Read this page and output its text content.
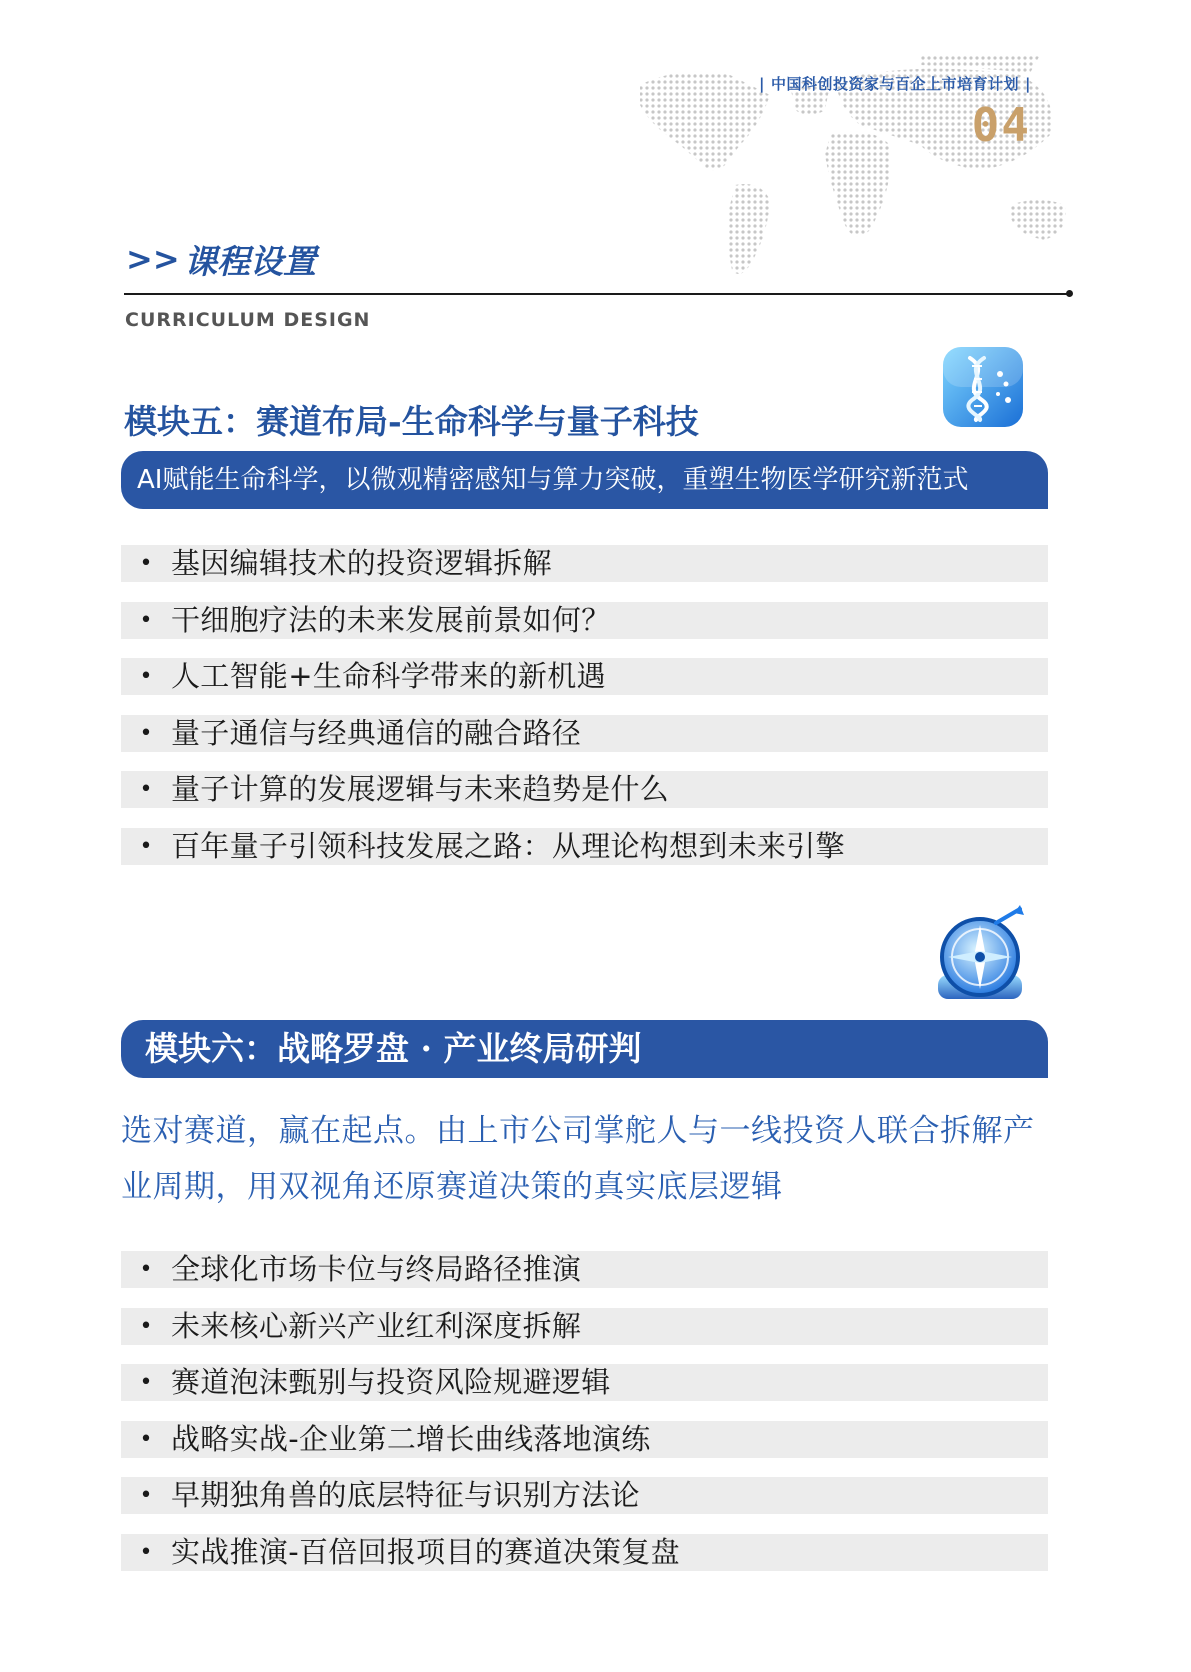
| 中国科创投资家与百企上市培育计划 |
04
>> 课程设置
CURRICULUM DESIGN
模块五：赛道布局-生命科学与量子科技
AI赋能生命科学，以微观精密感知与算力突破，重塑生物医学研究新范式
• 基因编辑技术的投资逻辑拆解
• 干细胞疗法的未来发展前景如何？
• 人工智能+生命科学带来的新机遇
• 量子通信与经典通信的融合路径
• 量子计算的发展逻辑与未来趋势是什么
• 百年量子引领科技发展之路：从理论构想到未来引擎
模块六：战略罗盘 · 产业终局研判
选对赛道，赢在起点。由上市公司掌舵人与一线投资人联合拆解产业周期，用双视角还原赛道决策的真实底层逻辑
• 全球化市场卡位与终局路径推演
• 未来核心新兴产业红利深度拆解
• 赛道泡沫甄别与投资风险规避逻辑
• 战略实战-企业第二增长曲线落地演练
• 早期独角兽的底层特征与识别方法论
• 实战推演-百倍回报项目的赛道决策复盘
